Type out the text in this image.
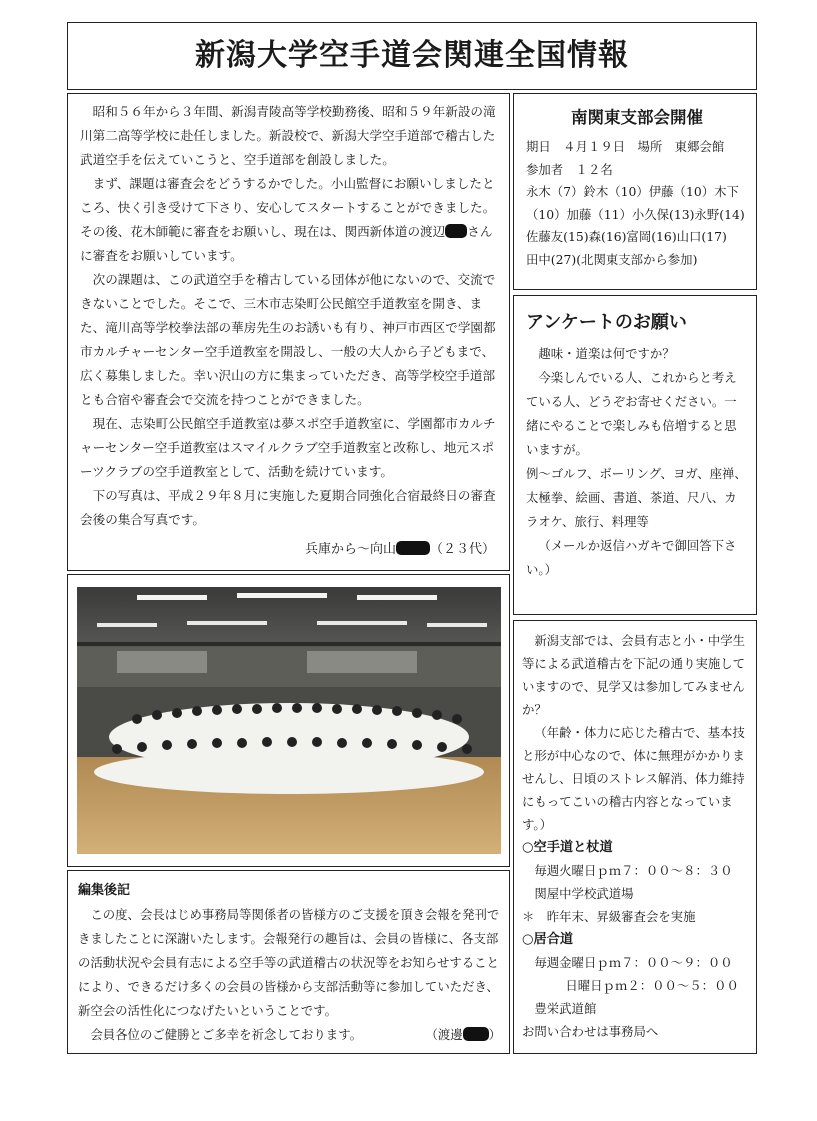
新潟大学空手道会関連全国情報

昭和５６年から３年間、新潟青陵高等学校勤務後、昭和５９年新設の滝川第二高等学校に赴任しました。新設校で、新潟大学空手道部で稽古した武道空手を伝えていこうと、空手道部を創設しました。

まず、課題は審査会をどうするかでした。小山監督にお願いしましたところ、快く引き受けて下さり、安心してスタートすることができました。その後、花木師範に審査をお願いし、現在は、関西新体道の渡辺 さんに審査をお願いしています。

次の課題は、この武道空手を稽古している団体が他にないので、交流できないことでした。そこで、三木市志染町公民館空手道教室を開き、また、滝川高等学校拳法部の華房先生のお誘いも有り、神戸市西区で学園都市カルチャーセンター空手道教室を開設し、一般の大人から子どもまで、広く募集しました。幸い沢山の方に集まっていただき、高等学校空手道部とも合宿や審査会で交流を持つことができました。

現在、志染町公民館空手道教室は夢スポ空手道教室に、学園都市カルチャーセンター空手道教室はスマイルクラブ空手道教室と改称し、地元スポーツクラブの空手道教室として、活動を続けています。

下の写真は、平成２９年８月に実施した夏期合同強化合宿最終日の審査会後の集合写真です。

兵庫から〜向山	（２３代）
南関東支部会開催

期日　４月１９日　場所　東郷会館

参加者　１２名

永木（7）鈴木（10）伊藤（10）木下

（10）加藤（11）小久保(13)永野(14)

佐藤友(15)森(16)富岡(16)山口(17)

田中(27)(北関東支部から参加)

アンケートのお願い

趣味・道楽は何ですか？

今楽しんでいる人、これからと考えている人、どうぞお寄せください。一緒にやることで楽しみも倍増すると思いますが。

例〜ゴルフ、ボーリング、ヨガ、座禅、太極拳、絵画、書道、茶道、尺八、カラオケ、旅行、料理等

（メールか返信ハガキで御回答下さい。）

新潟支部では、会員有志と小・中学生等による武道稽古を下記の通り実施していますので、見学又は参加してみませんか？

（年齢・体力に応じた稽古で、基本技と形が中心なので、体に無理がかかりませんし、日頃のストレス解消、体力維持にもってこいの稽古内容となっています。）

○空手道と杖道

毎週火曜日ｐｍ７：００〜８：３０

関屋中学校武道場

＊　昨年末、昇級審査会を実施

○居合道

毎週金曜日ｐｍ７：００〜９：００

日曜日ｐｍ２：００〜５：００

豊栄武道館

お問い合わせは事務局へ

編集後記

この度、会長はじめ事務局等関係者の皆様方のご支援を頂き会報を発刊できましたことに深謝いたします。会報発行の趣旨は、会員の皆様に、各支部の活動状況や会員有志による空手等の武道稽古の状況等をお知らせすることにより、できるだけ多くの会員の皆様から支部活動等に参加していただき、新空会の活性化につなげたいということです。

会員各位のご健勝とご多幸を祈念しております。	（渡邊 ）
